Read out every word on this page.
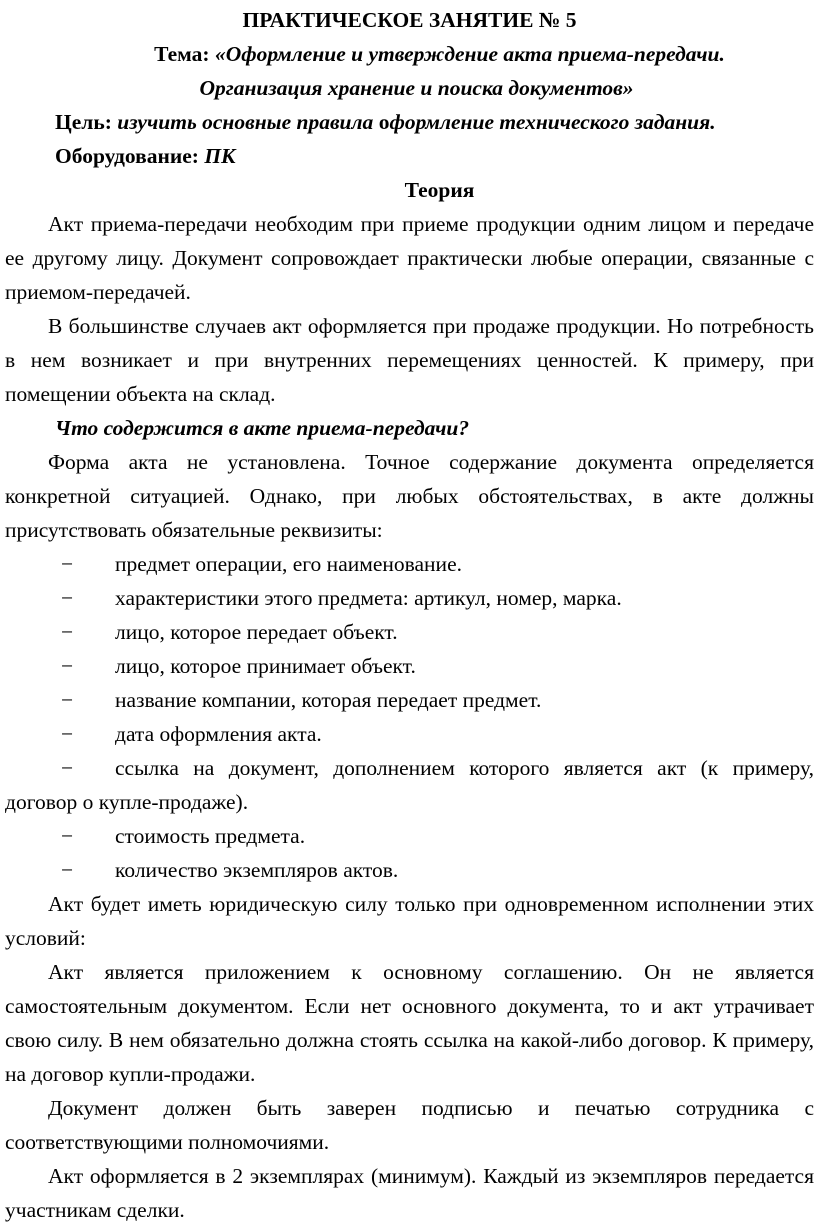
ПРАКТИЧЕСКОЕ ЗАНЯТИЕ № 5

Тема: «Оформление и утверждение акта приема-передачи.

Организация хранение и поиска документов»

Цель: изучить основные правила оформление технического задания.

Оборудование: ПК

Теория

Акт приема-передачи необходим при приеме продукции одним лицом и передаче ее другому лицу. Документ сопровождает практически любые операции, связанные с приемом-передачей.

В большинстве случаев акт оформляется при продаже продукции. Но потребность в нем возникает и при внутренних перемещениях ценностей. К примеру, при помещении объекта на склад.

Что содержится в акте приема-передачи?

Форма акта не установлена. Точное содержание документа определяется конкретной ситуацией. Однако, при любых обстоятельствах, в акте должны присутствовать обязательные реквизиты:

− предмет операции, его наименование.
− характеристики этого предмета: артикул, номер, марка.
− лицо, которое передает объект.
− лицо, которое принимает объект.
− название компании, которая передает предмет.
− дата оформления акта.
− ссылка на документ, дополнением которого является акт (к примеру, договор о купле-продаже).
− стоимость предмета.
− количество экземпляров актов.

Акт будет иметь юридическую силу только при одновременном исполнении этих условий:

Акт является приложением к основному соглашению. Он не является самостоятельным документом. Если нет основного документа, то и акт утрачивает свою силу. В нем обязательно должна стоять ссылка на какой-либо договор. К примеру, на договор купли-продажи.

Документ должен быть заверен подписью и печатью сотрудника с соответствующими полномочиями.

Акт оформляется в 2 экземплярах (минимум). Каждый из экземпляров передается участникам сделки.
